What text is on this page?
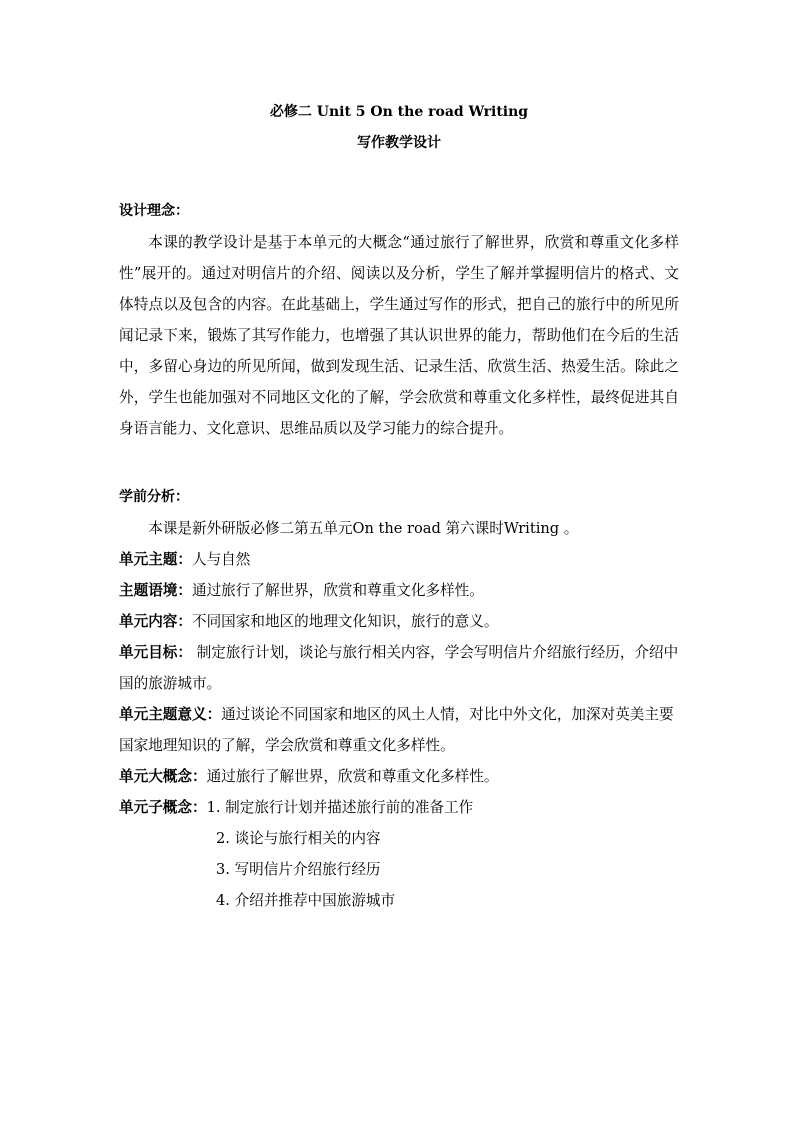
必修二 Unit 5 On the road Writing

写作教学设计

设计理念：

本课的教学设计是基于本单元的大概念“通过旅行了解世界，欣赏和尊重文化多样性”展开的。通过对明信片的介绍、阅读以及分析，学生了解并掌握明信片的格式、文体特点以及包含的内容。在此基础上，学生通过写作的形式，把自己的旅行中的所见所闻记录下来，锻炼了其写作能力，也增强了其认识世界的能力，帮助他们在今后的生活中，多留心身边的所见所闻，做到发现生活、记录生活、欣赏生活、热爱生活。除此之外，学生也能加强对不同地区文化的了解，学会欣赏和尊重文化多样性，最终促进其自身语言能力、文化意识、思维品质以及学习能力的综合提升。

学前分析：

本课是新外研版必修二第五单元On the road 第六课时Writing 。

单元主题：人与自然

主题语境：通过旅行了解世界，欣赏和尊重文化多样性。

单元内容：不同国家和地区的地理文化知识，旅行的意义。

单元目标： 制定旅行计划，谈论与旅行相关内容，学会写明信片介绍旅行经历，介绍中国的旅游城市。

单元主题意义：通过谈论不同国家和地区的风土人情，对比中外文化，加深对英美主要国家地理知识的了解，学会欣赏和尊重文化多样性。

单元大概念：通过旅行了解世界，欣赏和尊重文化多样性。

单元子概念：1. 制定旅行计划并描述旅行前的准备工作

2. 谈论与旅行相关的内容
3. 写明信片介绍旅行经历
4. 介绍并推荐中国旅游城市
